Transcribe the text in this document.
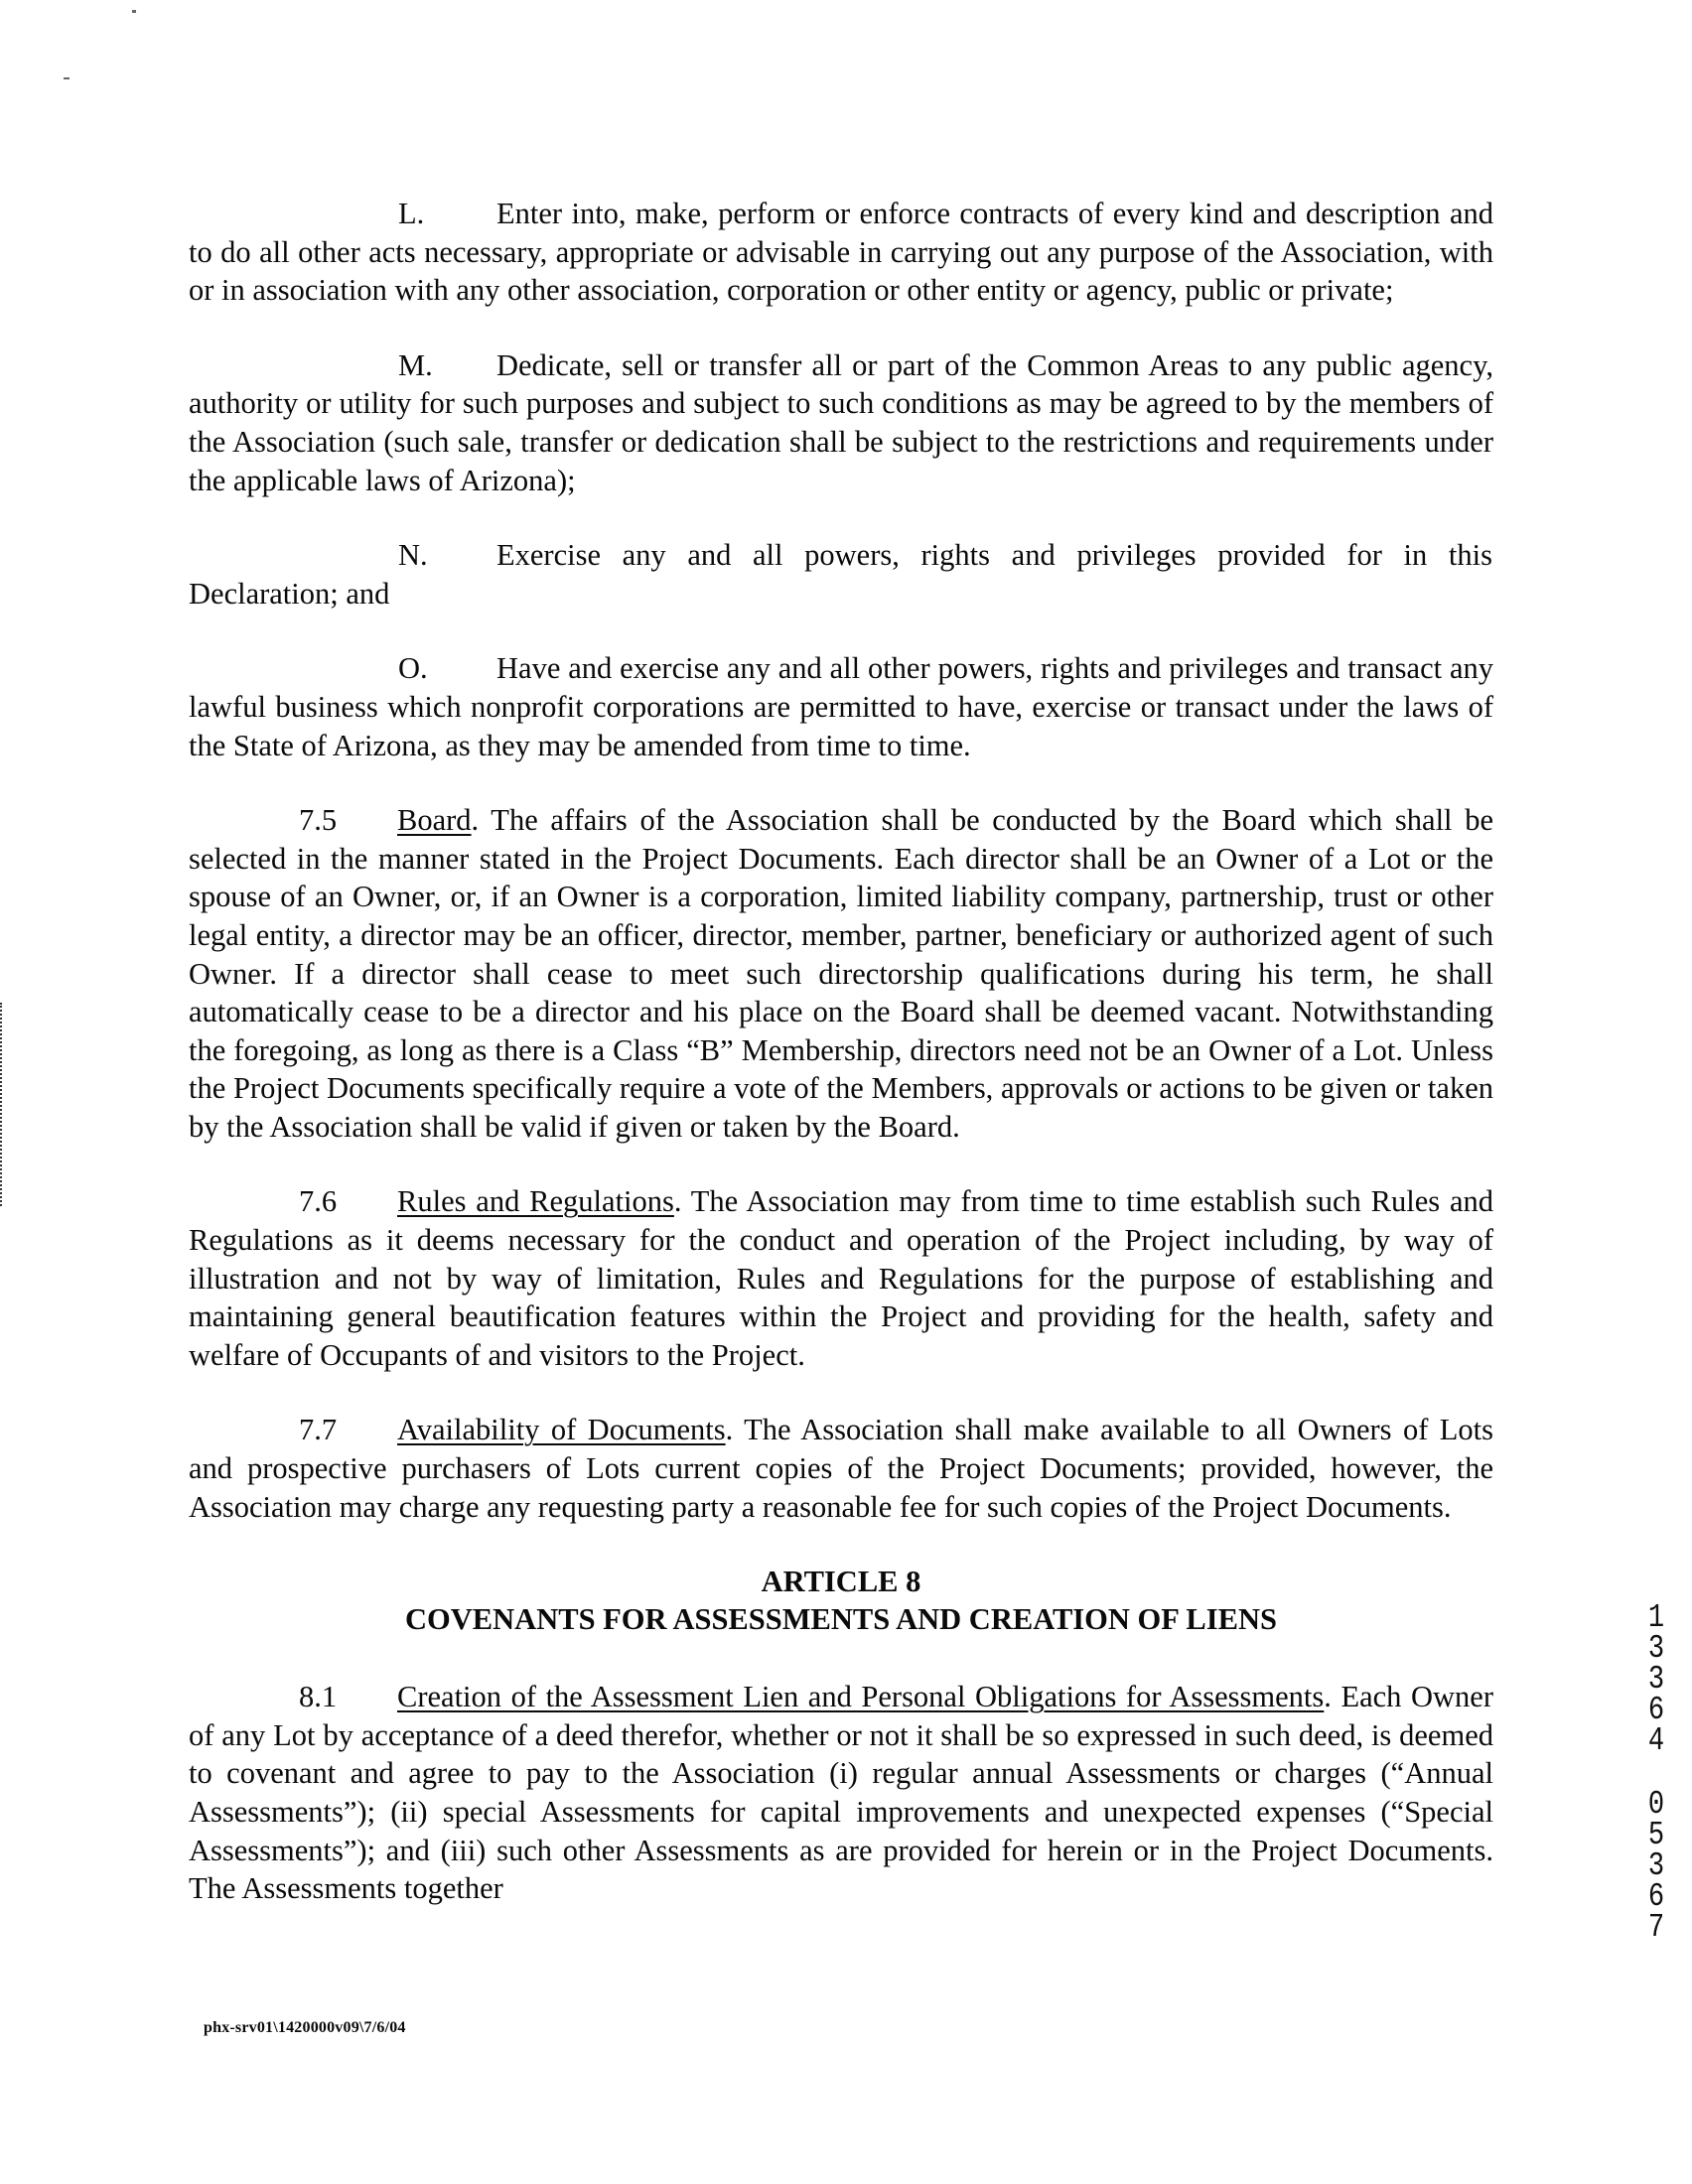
L. Enter into, make, perform or enforce contracts of every kind and description and to do all other acts necessary, appropriate or advisable in carrying out any purpose of the Association, with or in association with any other association, corporation or other entity or agency, public or private;

M. Dedicate, sell or transfer all or part of the Common Areas to any public agency, authority or utility for such purposes and subject to such conditions as may be agreed to by the members of the Association (such sale, transfer or dedication shall be subject to the restrictions and requirements under the applicable laws of Arizona);

N. Exercise any and all powers, rights and privileges provided for in this
Declaration; and

O. Have and exercise any and all other powers, rights and privileges and transact any lawful business which nonprofit corporations are permitted to have, exercise or transact under the laws of the State of Arizona, as they may be amended from time to time.

7.5 Board. The affairs of the Association shall be conducted by the Board which shall be selected in the manner stated in the Project Documents. Each director shall be an Owner of a Lot or the spouse of an Owner, or, if an Owner is a corporation, limited liability company, partnership, trust or other legal entity, a director may be an officer, director, member, partner, beneficiary or authorized agent of such Owner. If a director shall cease to meet such directorship qualifications during his term, he shall automatically cease to be a director and his place on the Board shall be deemed vacant. Notwithstanding the foregoing, as long as there is a Class “B” Membership, directors need not be an Owner of a Lot. Unless the Project Documents specifically require a vote of the Members, approvals or actions to be given or taken by the Association shall be valid if given or taken by the Board.

7.6 Rules and Regulations. The Association may from time to time establish such Rules and Regulations as it deems necessary for the conduct and operation of the Project including, by way of illustration and not by way of limitation, Rules and Regulations for the purpose of establishing and maintaining general beautification features within the Project and providing for the health, safety and welfare of Occupants of and visitors to the Project.

7.7 Availability of Documents. The Association shall make available to all Owners of Lots and prospective purchasers of Lots current copies of the Project Documents; provided, however, the Association may charge any requesting party a reasonable fee for such copies of the Project Documents.

ARTICLE 8
COVENANTS FOR ASSESSMENTS AND CREATION OF LIENS

8.1 Creation of the Assessment Lien and Personal Obligations for Assessments. Each Owner of any Lot by acceptance of a deed therefor, whether or not it shall be so expressed in such deed, is deemed to covenant and agree to pay to the Association (i) regular annual Assessments or charges (“Annual Assessments”); (ii) special Assessments for capital improvements and unexpected expenses (“Special Assessments”); and (iii) such other Assessments as are provided for herein or in the Project Documents. The Assessments together

phx-srv01\1420000v09\7/6/04
1
3
3
6
4
0
5
3
6
7
